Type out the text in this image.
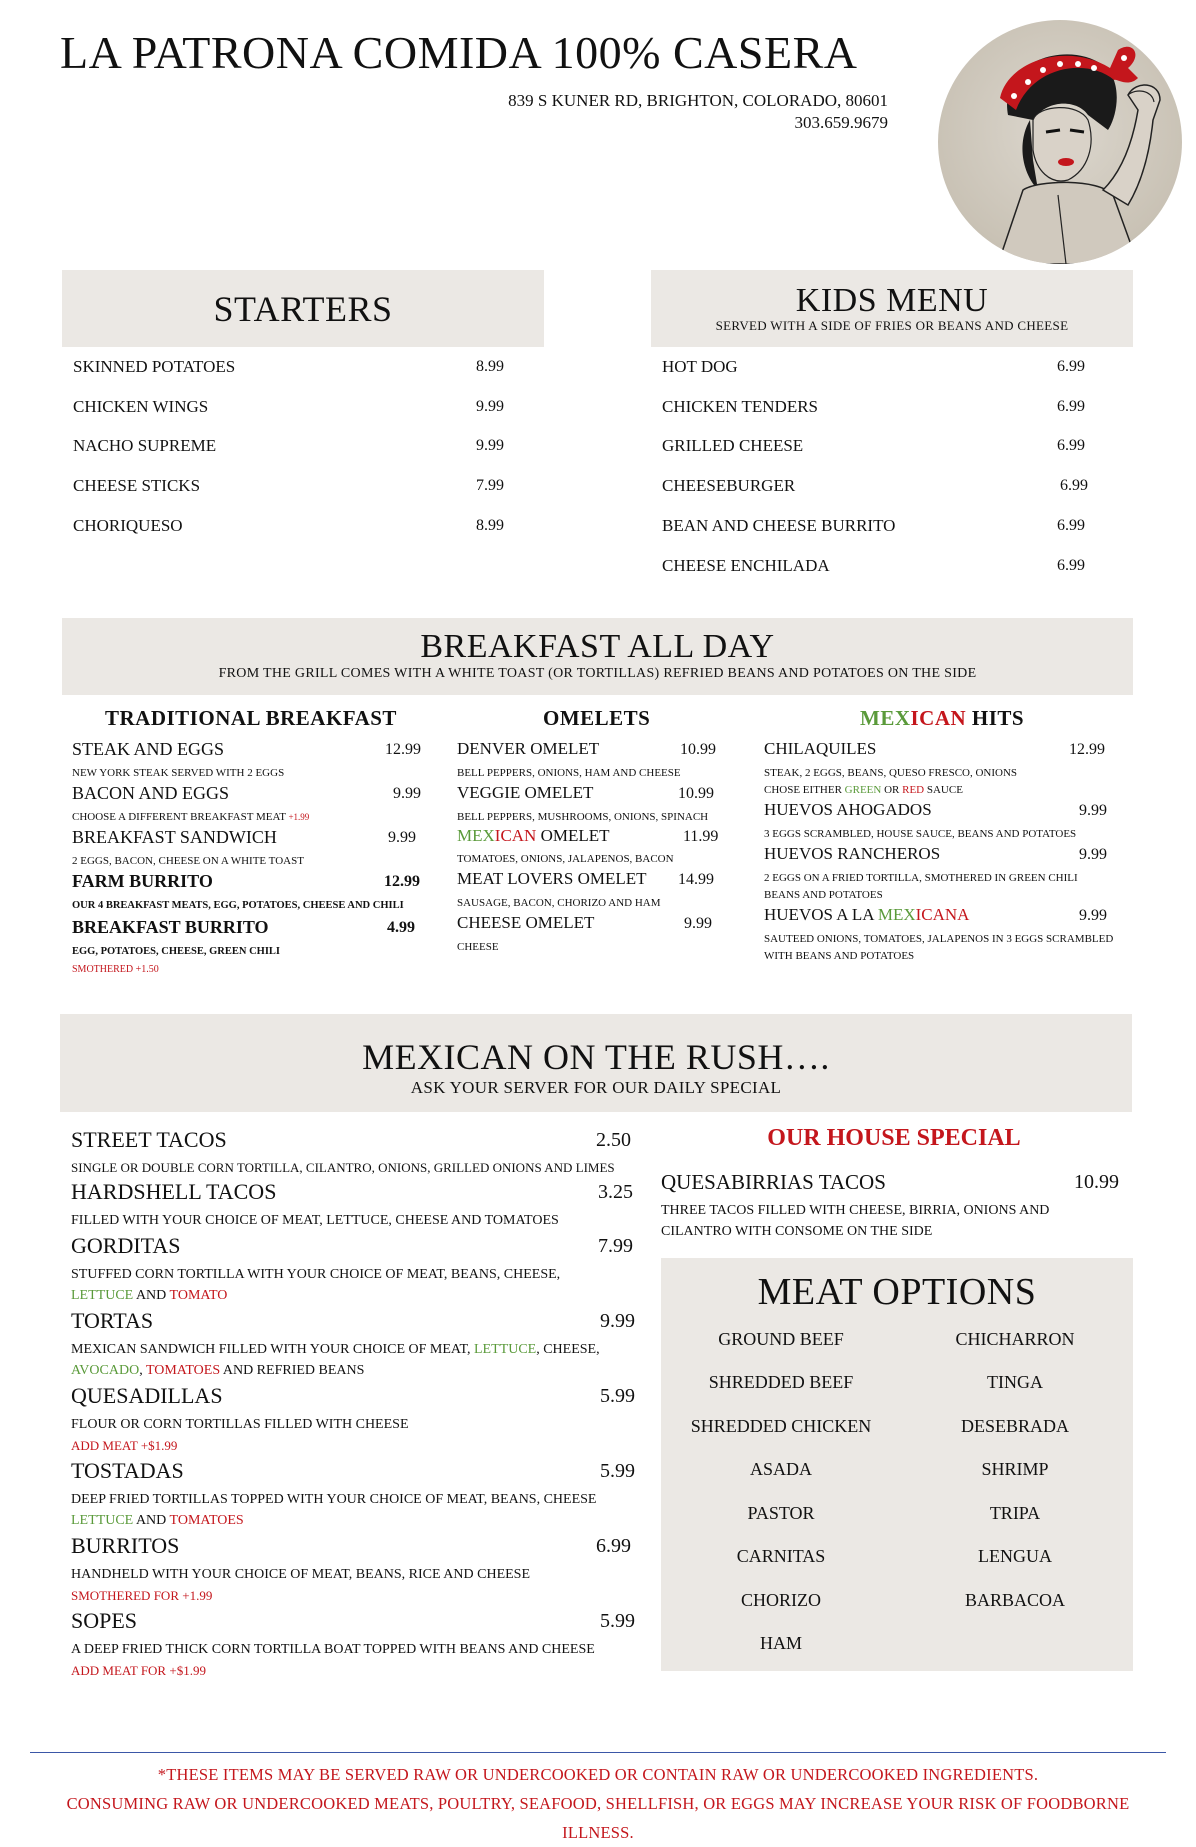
LA PATRONA COMIDA 100% CASERA
839 S KUNER RD, BRIGHTON, COLORADO, 80601
303.659.9679
STARTERS
SKINNED POTATOES	8.99
CHICKEN WINGS	9.99
NACHO SUPREME	9.99
CHEESE STICKS	7.99
CHORIQUESO	8.99
KIDS MENU
SERVED WITH A SIDE OF FRIES OR BEANS AND CHEESE
HOT DOG	6.99
CHICKEN TENDERS	6.99
GRILLED CHEESE	6.99
CHEESEBURGER	6.99
BEAN AND CHEESE BURRITO	6.99
CHEESE ENCHILADA	6.99
BREAKFAST ALL DAY
FROM THE GRILL COMES WITH A WHITE TOAST (OR TORTILLAS) REFRIED BEANS AND POTATOES ON THE SIDE
TRADITIONAL BREAKFAST
STEAK AND EGGS	12.99
NEW YORK STEAK SERVED WITH 2 EGGS
BACON AND EGGS	9.99
CHOOSE A DIFFERENT BREAKFAST MEAT +1.99
BREAKFAST SANDWICH	9.99
2 EGGS, BACON, CHEESE ON A WHITE TOAST
FARM BURRITO	12.99
OUR 4 BREAKFAST MEATS, EGG, POTATOES, CHEESE AND CHILI
BREAKFAST BURRITO	4.99
EGG, POTATOES, CHEESE, GREEN CHILI
SMOTHERED +1.50
OMELETS
DENVER OMELET	10.99
BELL PEPPERS, ONIONS, HAM AND CHEESE
VEGGIE OMELET	10.99
BELL PEPPERS, MUSHROOMS, ONIONS, SPINACH
MEXICAN OMELET	11.99
TOMATOES, ONIONS, JALAPENOS, BACON
MEAT LOVERS OMELET 14.99
SAUSAGE, BACON, CHORIZO AND HAM
CHEESE OMELET	9.99
CHEESE
MEXICAN HITS
CHILAQUILES	12.99
STEAK, 2 EGGS, BEANS, QUESO FRESCO, ONIONS
CHOSE EITHER GREEN OR RED SAUCE
HUEVOS AHOGADOS	9.99
3 EGGS SCRAMBLED, HOUSE SAUCE, BEANS AND POTATOES
HUEVOS RANCHEROS	9.99
2 EGGS ON A FRIED TORTILLA, SMOTHERED IN GREEN CHILI
BEANS AND POTATOES
HUEVOS A LA MEXICANA	9.99
SAUTEED ONIONS, TOMATOES, JALAPENOS IN 3 EGGS SCRAMBLED
WITH BEANS AND POTATOES
MEXICAN ON THE RUSH….
ASK YOUR SERVER FOR OUR DAILY SPECIAL
STREET TACOS	2.50
SINGLE OR DOUBLE CORN TORTILLA, CILANTRO, ONIONS, GRILLED ONIONS AND LIMES
HARDSHELL TACOS	3.25
FILLED WITH YOUR CHOICE OF MEAT, LETTUCE, CHEESE AND TOMATOES
GORDITAS	7.99
STUFFED CORN TORTILLA WITH YOUR CHOICE OF MEAT, BEANS, CHEESE,
LETTUCE AND TOMATO
TORTAS	9.99
MEXICAN SANDWICH FILLED WITH YOUR CHOICE OF MEAT, LETTUCE, CHEESE,
AVOCADO, TOMATOES AND REFRIED BEANS
QUESADILLAS	5.99
FLOUR OR CORN TORTILLAS FILLED WITH CHEESE
ADD MEAT +$1.99
TOSTADAS	5.99
DEEP FRIED TORTILLAS TOPPED WITH YOUR CHOICE OF MEAT, BEANS, CHEESE
LETTUCE AND TOMATOES
BURRITOS	6.99
HANDHELD WITH YOUR CHOICE OF MEAT, BEANS, RICE AND CHEESE
SMOTHERED FOR +1.99
SOPES	5.99
A DEEP FRIED THICK CORN TORTILLA BOAT TOPPED WITH BEANS AND CHEESE
ADD MEAT FOR +$1.99
OUR HOUSE SPECIAL
QUESABIRRIAS TACOS	10.99
THREE TACOS FILLED WITH CHEESE, BIRRIA, ONIONS AND
CILANTRO WITH CONSOME ON THE SIDE
MEAT OPTIONS
GROUND BEEF
SHREDDED BEEF
SHREDDED CHICKEN
ASADA
PASTOR
CARNITAS
CHORIZO
HAM
CHICHARRON
TINGA
DESEBRADA
SHRIMP
TRIPA
LENGUA
BARBACOA
*THESE ITEMS MAY BE SERVED RAW OR UNDERCOOKED OR CONTAIN RAW OR UNDERCOOKED INGREDIENTS.
CONSUMING RAW OR UNDERCOOKED MEATS, POULTRY, SEAFOOD, SHELLFISH, OR EGGS MAY INCREASE YOUR RISK OF FOODBORNE
ILLNESS.
